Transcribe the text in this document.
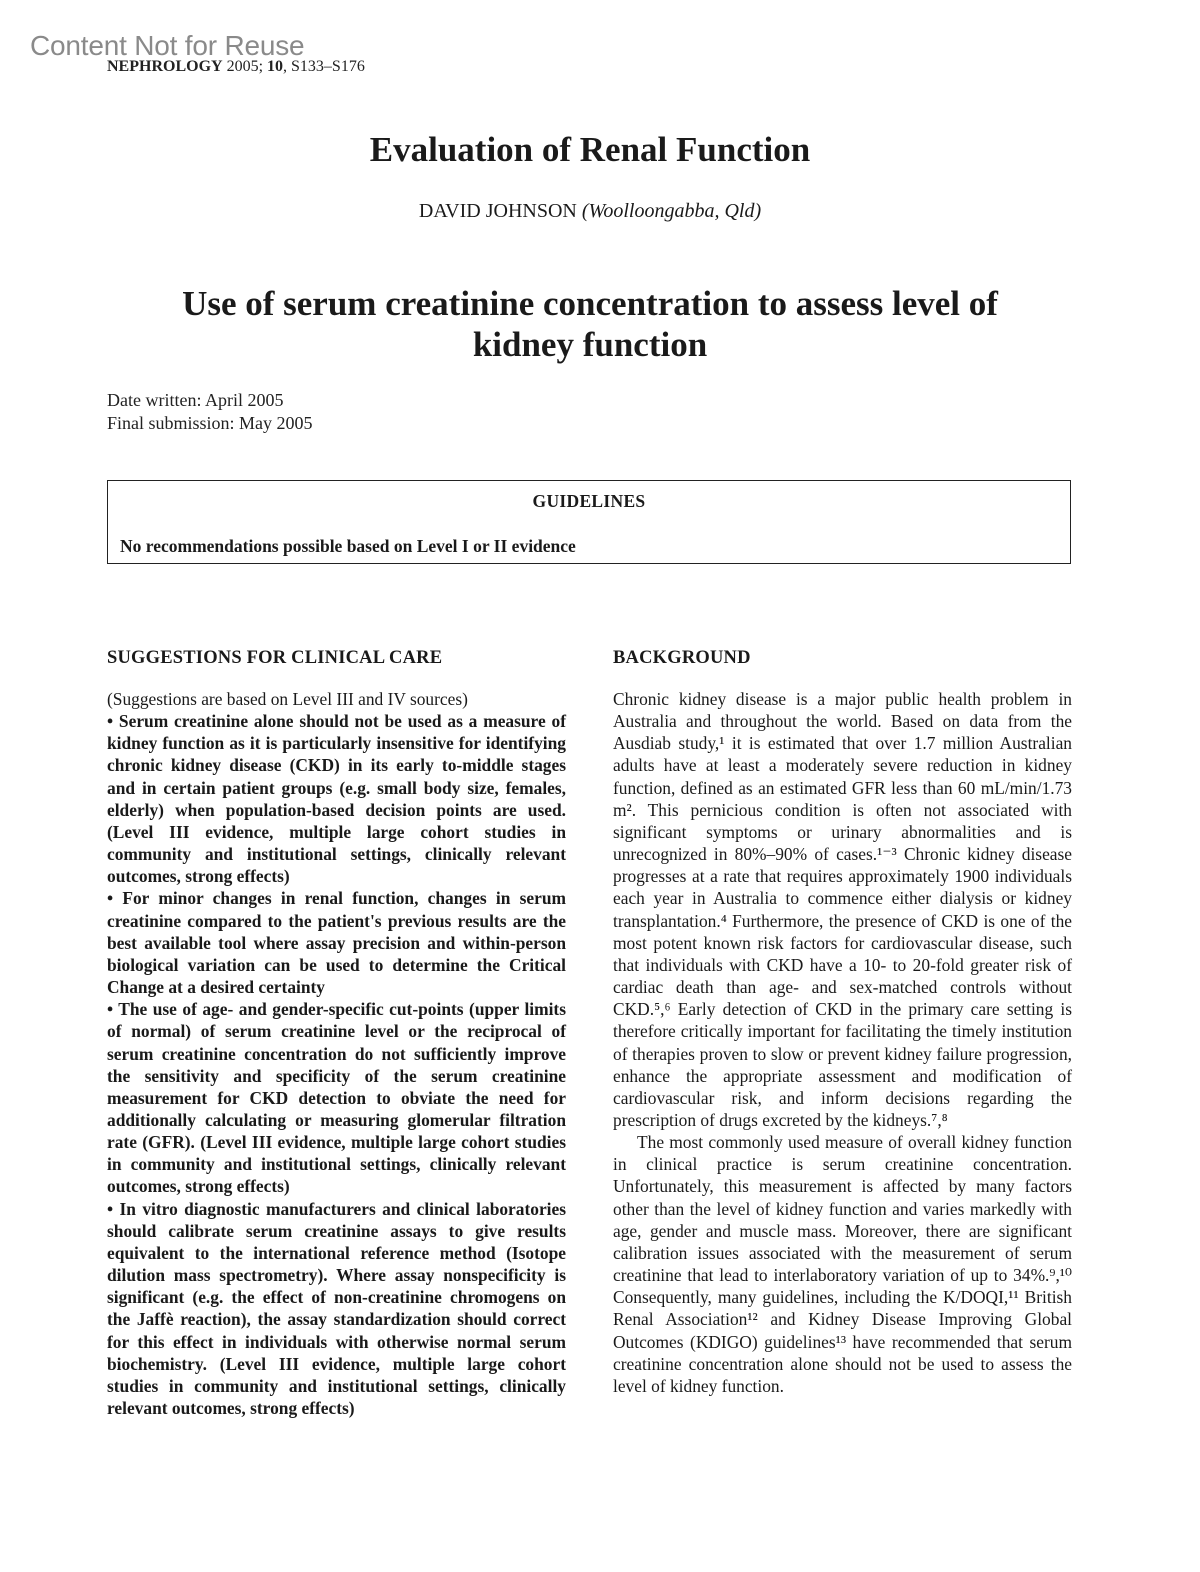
Content Not for Reuse
NEPHROLOGY 2005; 10, S133–S176
Evaluation of Renal Function

DAVID JOHNSON (Woolloongabba, Qld)

Use of serum creatinine concentration to assess level of kidney function
Date written: April 2005
Final submission: May 2005
GUIDELINES
No recommendations possible based on Level I or II evidence
SUGGESTIONS FOR CLINICAL CARE

(Suggestions are based on Level III and IV sources)

• Serum creatinine alone should not be used as a measure of kidney function as it is particularly insensitive for identifying chronic kidney disease (CKD) in its early to-middle stages and in certain patient groups (e.g. small body size, females, elderly) when population-based decision points are used. (Level III evidence, multiple large cohort studies in community and institutional settings, clinically relevant outcomes, strong effects)

• For minor changes in renal function, changes in serum creatinine compared to the patient's previous results are the best available tool where assay precision and within-person biological variation can be used to determine the Critical Change at a desired certainty

• The use of age- and gender-specific cut-points (upper limits of normal) of serum creatinine level or the reciprocal of serum creatinine concentration do not sufficiently improve the sensitivity and specificity of the serum creatinine measurement for CKD detection to obviate the need for additionally calculating or measuring glomerular filtration rate (GFR). (Level III evidence, multiple large cohort studies in community and institutional settings, clinically relevant outcomes, strong effects)

• In vitro diagnostic manufacturers and clinical laboratories should calibrate serum creatinine assays to give results equivalent to the international reference method (Isotope dilution mass spectrometry). Where assay nonspecificity is significant (e.g. the effect of non-creatinine chromogens on the Jaffè reaction), the assay standardization should correct for this effect in individuals with otherwise normal serum biochemistry. (Level III evidence, multiple large cohort studies in community and institutional settings, clinically relevant outcomes, strong effects)

BACKGROUND

Chronic kidney disease is a major public health problem in Australia and throughout the world. Based on data from the Ausdiab study,¹ it is estimated that over 1.7 million Australian adults have at least a moderately severe reduction in kidney function, defined as an estimated GFR less than 60 mL/min/1.73 m². This pernicious condition is often not associated with significant symptoms or urinary abnormalities and is unrecognized in 80%–90% of cases.¹⁻³ Chronic kidney disease progresses at a rate that requires approximately 1900 individuals each year in Australia to commence either dialysis or kidney transplantation.⁴ Furthermore, the presence of CKD is one of the most potent known risk factors for cardiovascular disease, such that individuals with CKD have a 10- to 20-fold greater risk of cardiac death than age- and sex-matched controls without CKD.⁵,⁶ Early detection of CKD in the primary care setting is therefore critically important for facilitating the timely institution of therapies proven to slow or prevent kidney failure progression, enhance the appropriate assessment and modification of cardiovascular risk, and inform decisions regarding the prescription of drugs excreted by the kidneys.⁷,⁸

The most commonly used measure of overall kidney function in clinical practice is serum creatinine concentration. Unfortunately, this measurement is affected by many factors other than the level of kidney function and varies markedly with age, gender and muscle mass. Moreover, there are significant calibration issues associated with the measurement of serum creatinine that lead to interlaboratory variation of up to 34%.⁹,¹⁰ Consequently, many guidelines, including the K/DOQI,¹¹ British Renal Association¹² and Kidney Disease Improving Global Outcomes (KDIGO) guidelines¹³ have recommended that serum creatinine concentration alone should not be used to assess the level of kidney function.
